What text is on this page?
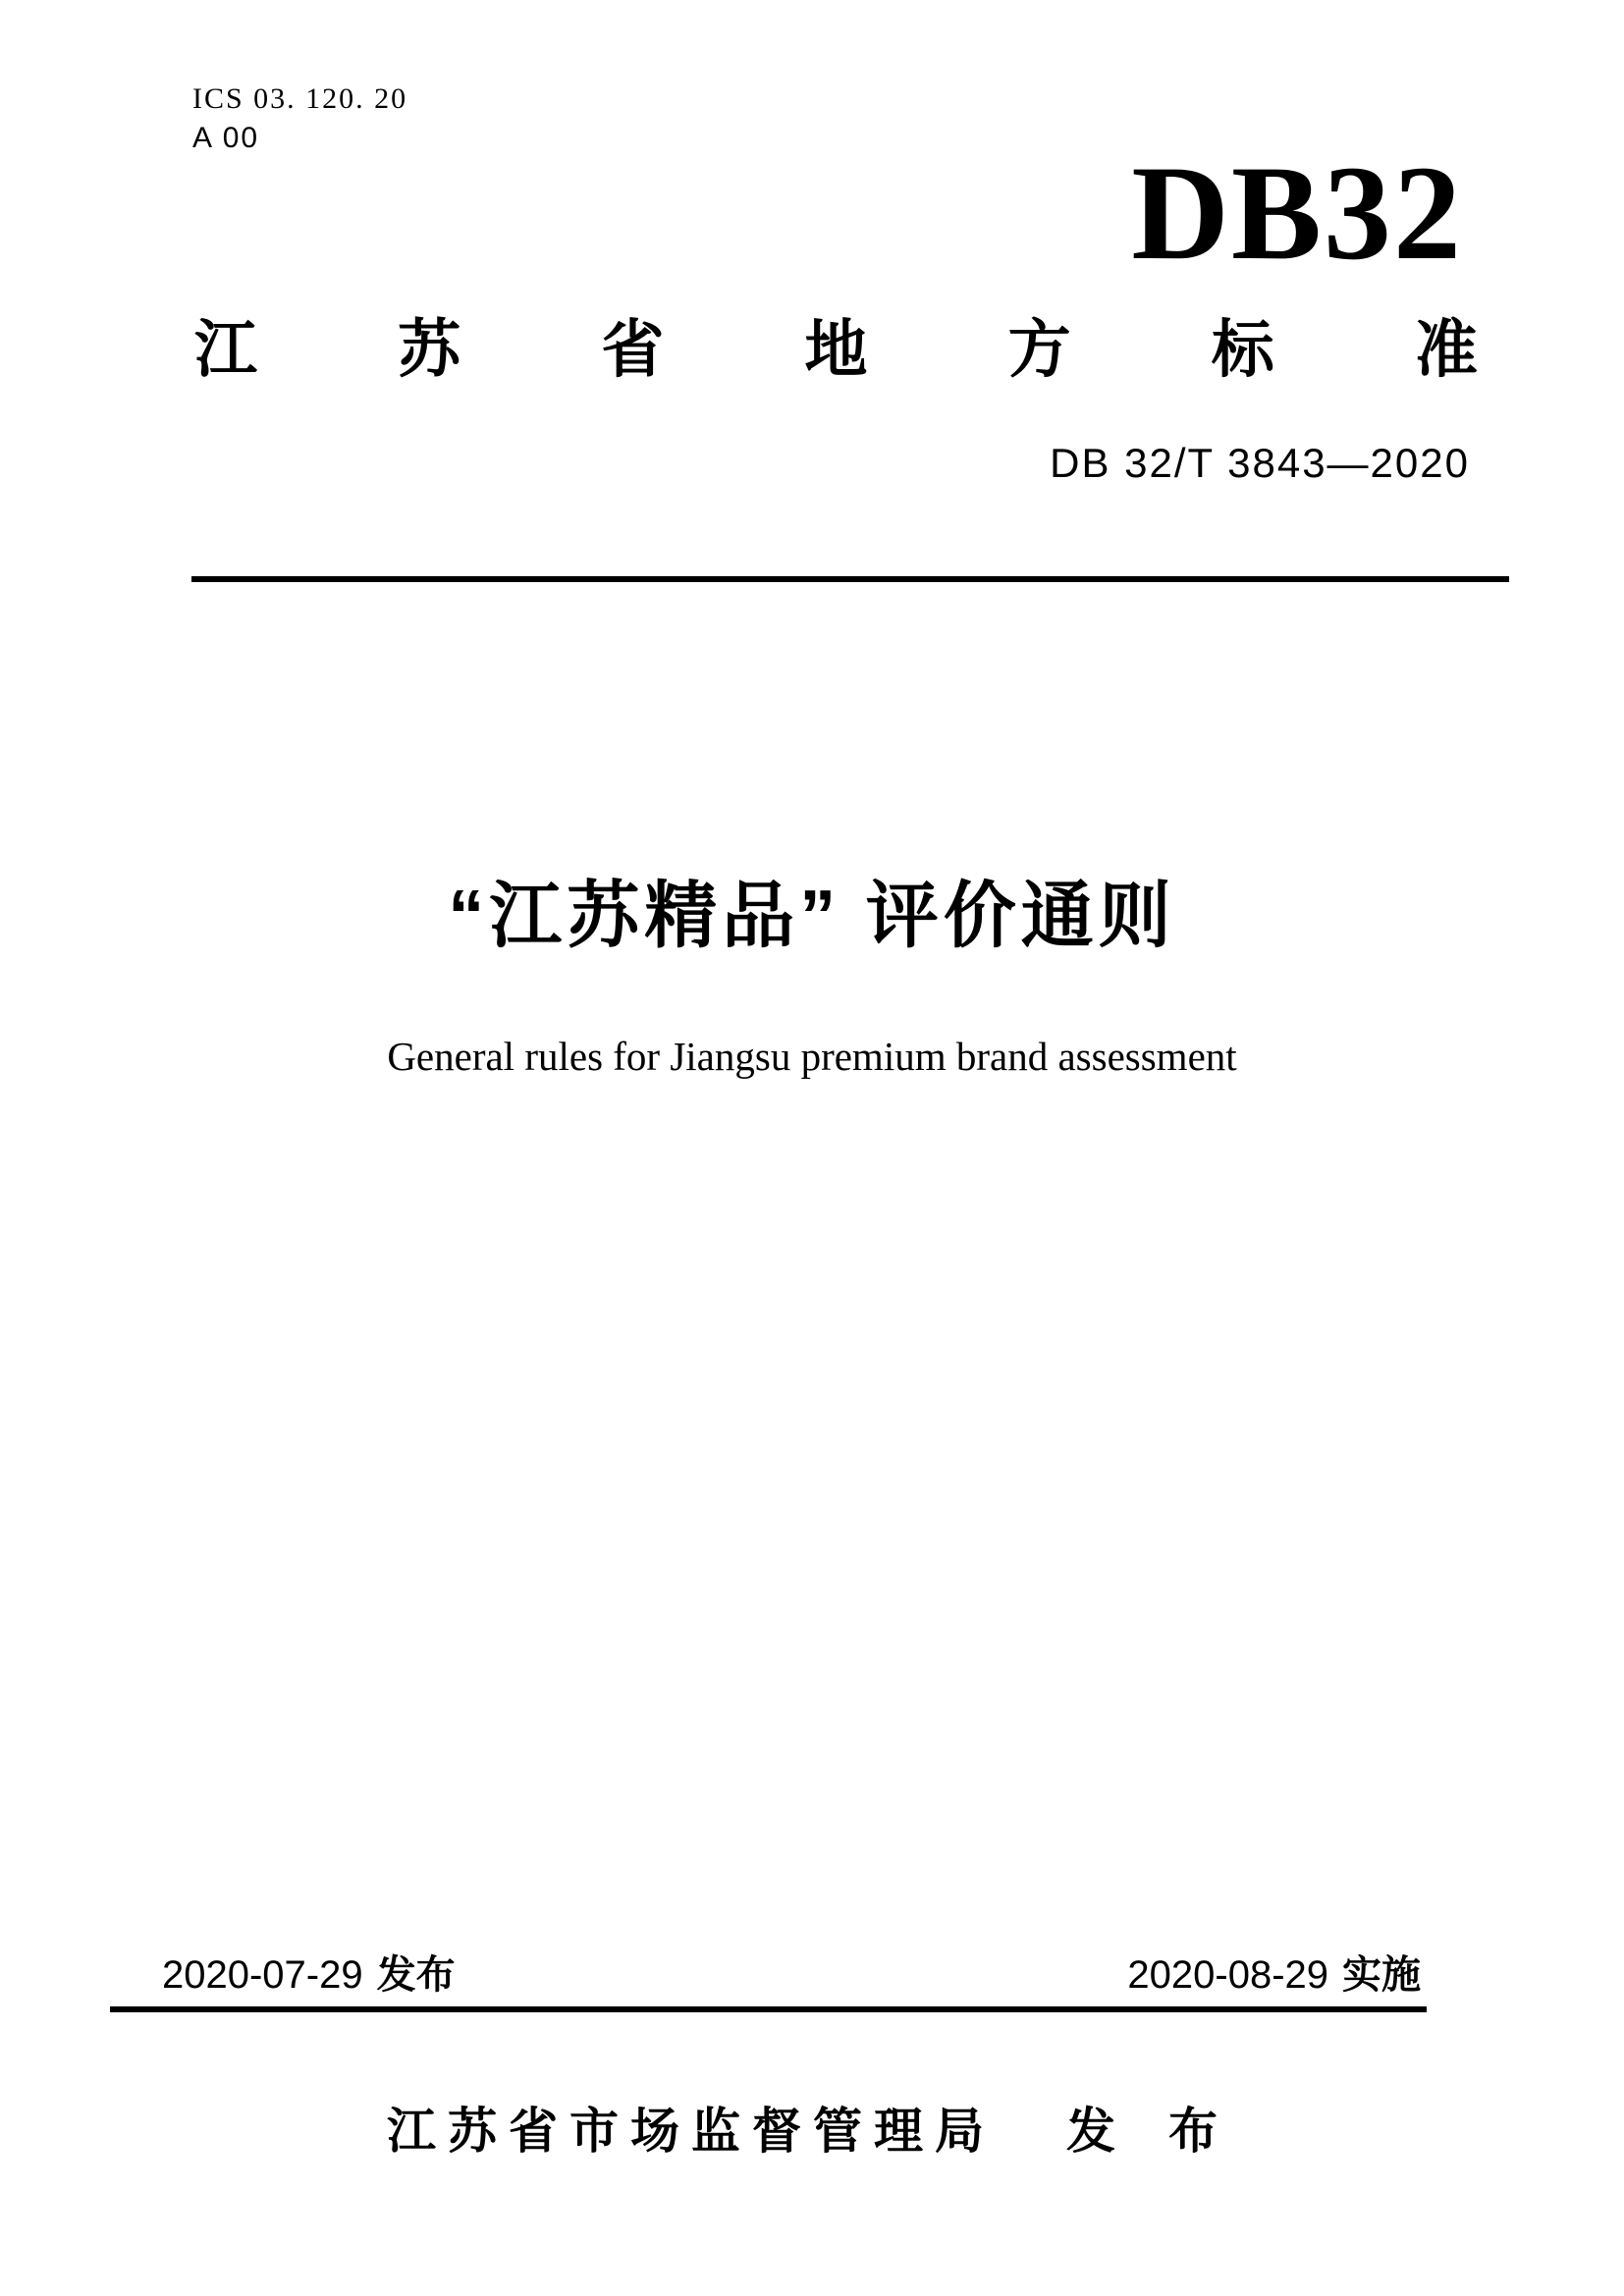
ICS 03. 120. 20
A 00	DB32
江 苏 省 地 方 标 准
DB 32/T 3843—2020
“江苏精品” 评价通则
General rules for Jiangsu premium brand assessment
2020-07-29 发布	2020-08-29 实施
江苏省市场监督管理局 发 布
